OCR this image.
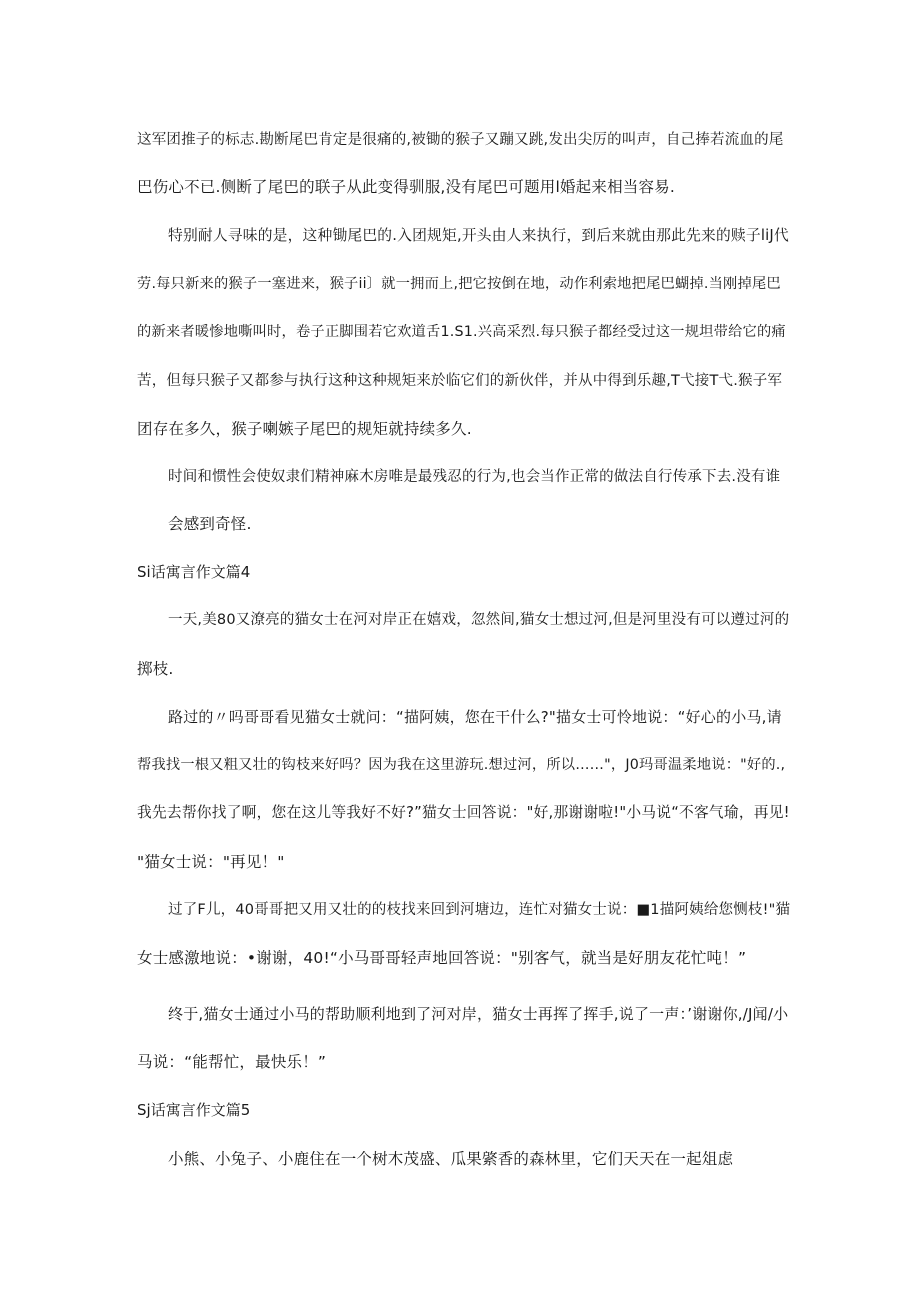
这军团推子的标志.勘断尾巴肯定是很痛的,被锄的猴子又蹦又跳,发出尖厉的叫声，自己捧若流血的尾
巴伤心不已.侧断了尾巴的联子从此变得驯服,没有尾巴可题用l婚起来相当容易.
特别耐人寻味的是，这种锄尾巴的.入团规矩,开头由人来执行，到后来就由那此先来的赎子liJ代
劳.每只新来的猴子一塞进来，猴子ii〕就一拥而上,把它按倒在地，动作利索地把尾巴蝴掉.当刚掉尾巴
的新来者暖惨地嘶叫时，卷子正脚围若它欢道舌1.S1.兴高采烈.每只猴子都经受过这一规坦带给它的痛
苦，但每只猴子又都参与执行这种这种规矩来於临它们的新伙伴，并从中得到乐趣,T弋接T弋.猴子军
团存在多久，猴子喇嫉子尾巴的规矩就持续多久.
时间和惯性会使奴隶们精神麻木房唯是最残忍的行为,也会当作正常的做法自行传承下去.没有谁
会感到奇怪.
Si话寓言作文篇4
一天,美80又潦亮的猫女士在河对岸正在嬉戏，忽然间,猫女士想过河,但是河里没有可以遵过河的
掷枝.
路过的〃吗哥哥看见猫女士就问：“描阿姨，您在干什么?"描女士可怜地说：“好心的小马,请
帮我找一根又粗又壮的钩枝来好吗？因为我在这里游玩.想过河，所以……"，J0玛哥温柔地说："好的.,
我先去帮你找了啊，您在这儿等我好不好?”猫女士回答说："好,那谢谢啦!"小马说“不客气瑜，再见!
"猫女士说："再见！"
过了F儿，40哥哥把又用又壮的的枝找来回到河塘边，连忙对猫女士说：■1描阿姨给您恻枝!"猫
女士感激地说：•谢谢，40!“小马哥哥轻声地回答说："别客气，就当是好朋友花忙吨！”
终于,猫女士通过小马的帮助顺利地到了河对岸，猫女士再挥了挥手,说了一声：’谢谢你,/J闻/小
马说：“能帮忙，最快乐！”
Sj话寓言作文篇5
小熊、小兔子、小鹿住在一个树木茂盛、瓜果綮香的森林里，它们天天在一起俎虑
